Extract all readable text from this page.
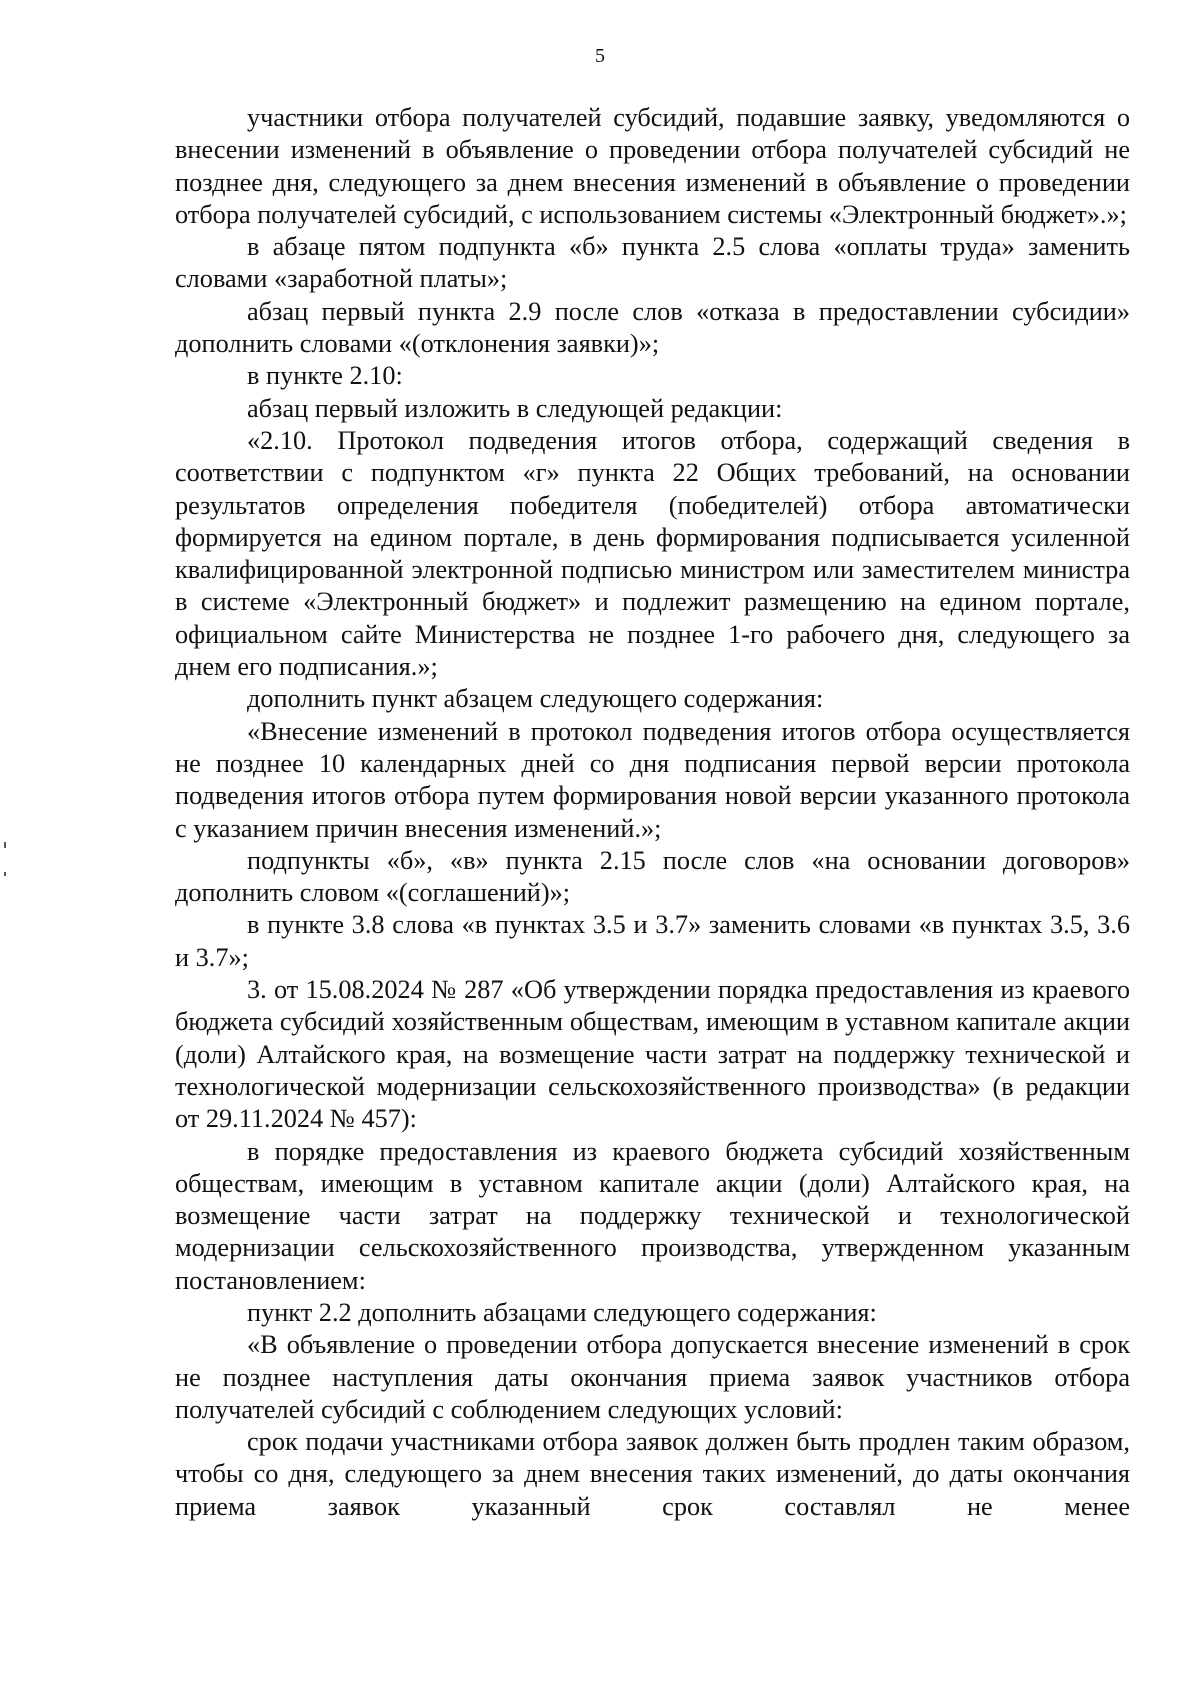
5

участники отбора получателей субсидий, подавшие заявку, уведомляются о внесении изменений в объявление о проведении отбора получателей субсидий не позднее дня, следующего за днем внесения изменений в объявление о проведении отбора получателей субсидий, с использованием системы «Электронный бюджет».»;

в абзаце пятом подпункта «б» пункта 2.5 слова «оплаты труда» заменить словами «заработной платы»;

абзац первый пункта 2.9 после слов «отказа в предоставлении субсидии» дополнить словами «(отклонения заявки)»;

в пункте 2.10:

абзац первый изложить в следующей редакции:

«2.10. Протокол подведения итогов отбора, содержащий сведения в соответствии с подпунктом «г» пункта 22 Общих требований, на основании результатов определения победителя (победителей) отбора автоматически формируется на едином портале, в день формирования подписывается усиленной квалифицированной электронной подписью министром или заместителем министра в системе «Электронный бюджет» и подлежит размещению на едином портале, официальном сайте Министерства не позднее 1-го рабочего дня, следующего за днем его подписания.»;

дополнить пункт абзацем следующего содержания:

«Внесение изменений в протокол подведения итогов отбора осуществляется не позднее 10 календарных дней со дня подписания первой версии протокола подведения итогов отбора путем формирования новой версии указанного протокола с указанием причин внесения изменений.»;

подпункты «б», «в» пункта 2.15 после слов «на основании договоров» дополнить словом «(соглашений)»;

в пункте 3.8 слова «в пунктах 3.5 и 3.7» заменить словами «в пунктах 3.5, 3.6 и 3.7»;

3. от 15.08.2024 № 287 «Об утверждении порядка предоставления из краевого бюджета субсидий хозяйственным обществам, имеющим в уставном капитале акции (доли) Алтайского края, на возмещение части затрат на поддержку технической и технологической модернизации сельскохозяйственного производства» (в редакции от 29.11.2024 № 457):

в порядке предоставления из краевого бюджета субсидий хозяйственным обществам, имеющим в уставном капитале акции (доли) Алтайского края, на возмещение части затрат на поддержку технической и технологической модернизации сельскохозяйственного производства, утвержденном указанным постановлением:

пункт 2.2 дополнить абзацами следующего содержания:

«В объявление о проведении отбора допускается внесение изменений в срок не позднее наступления даты окончания приема заявок участников отбора получателей субсидий с соблюдением следующих условий:

срок подачи участниками отбора заявок должен быть продлен таким образом, чтобы со дня, следующего за днем внесения таких изменений, до даты окончания приема заявок указанный срок составлял не менее
